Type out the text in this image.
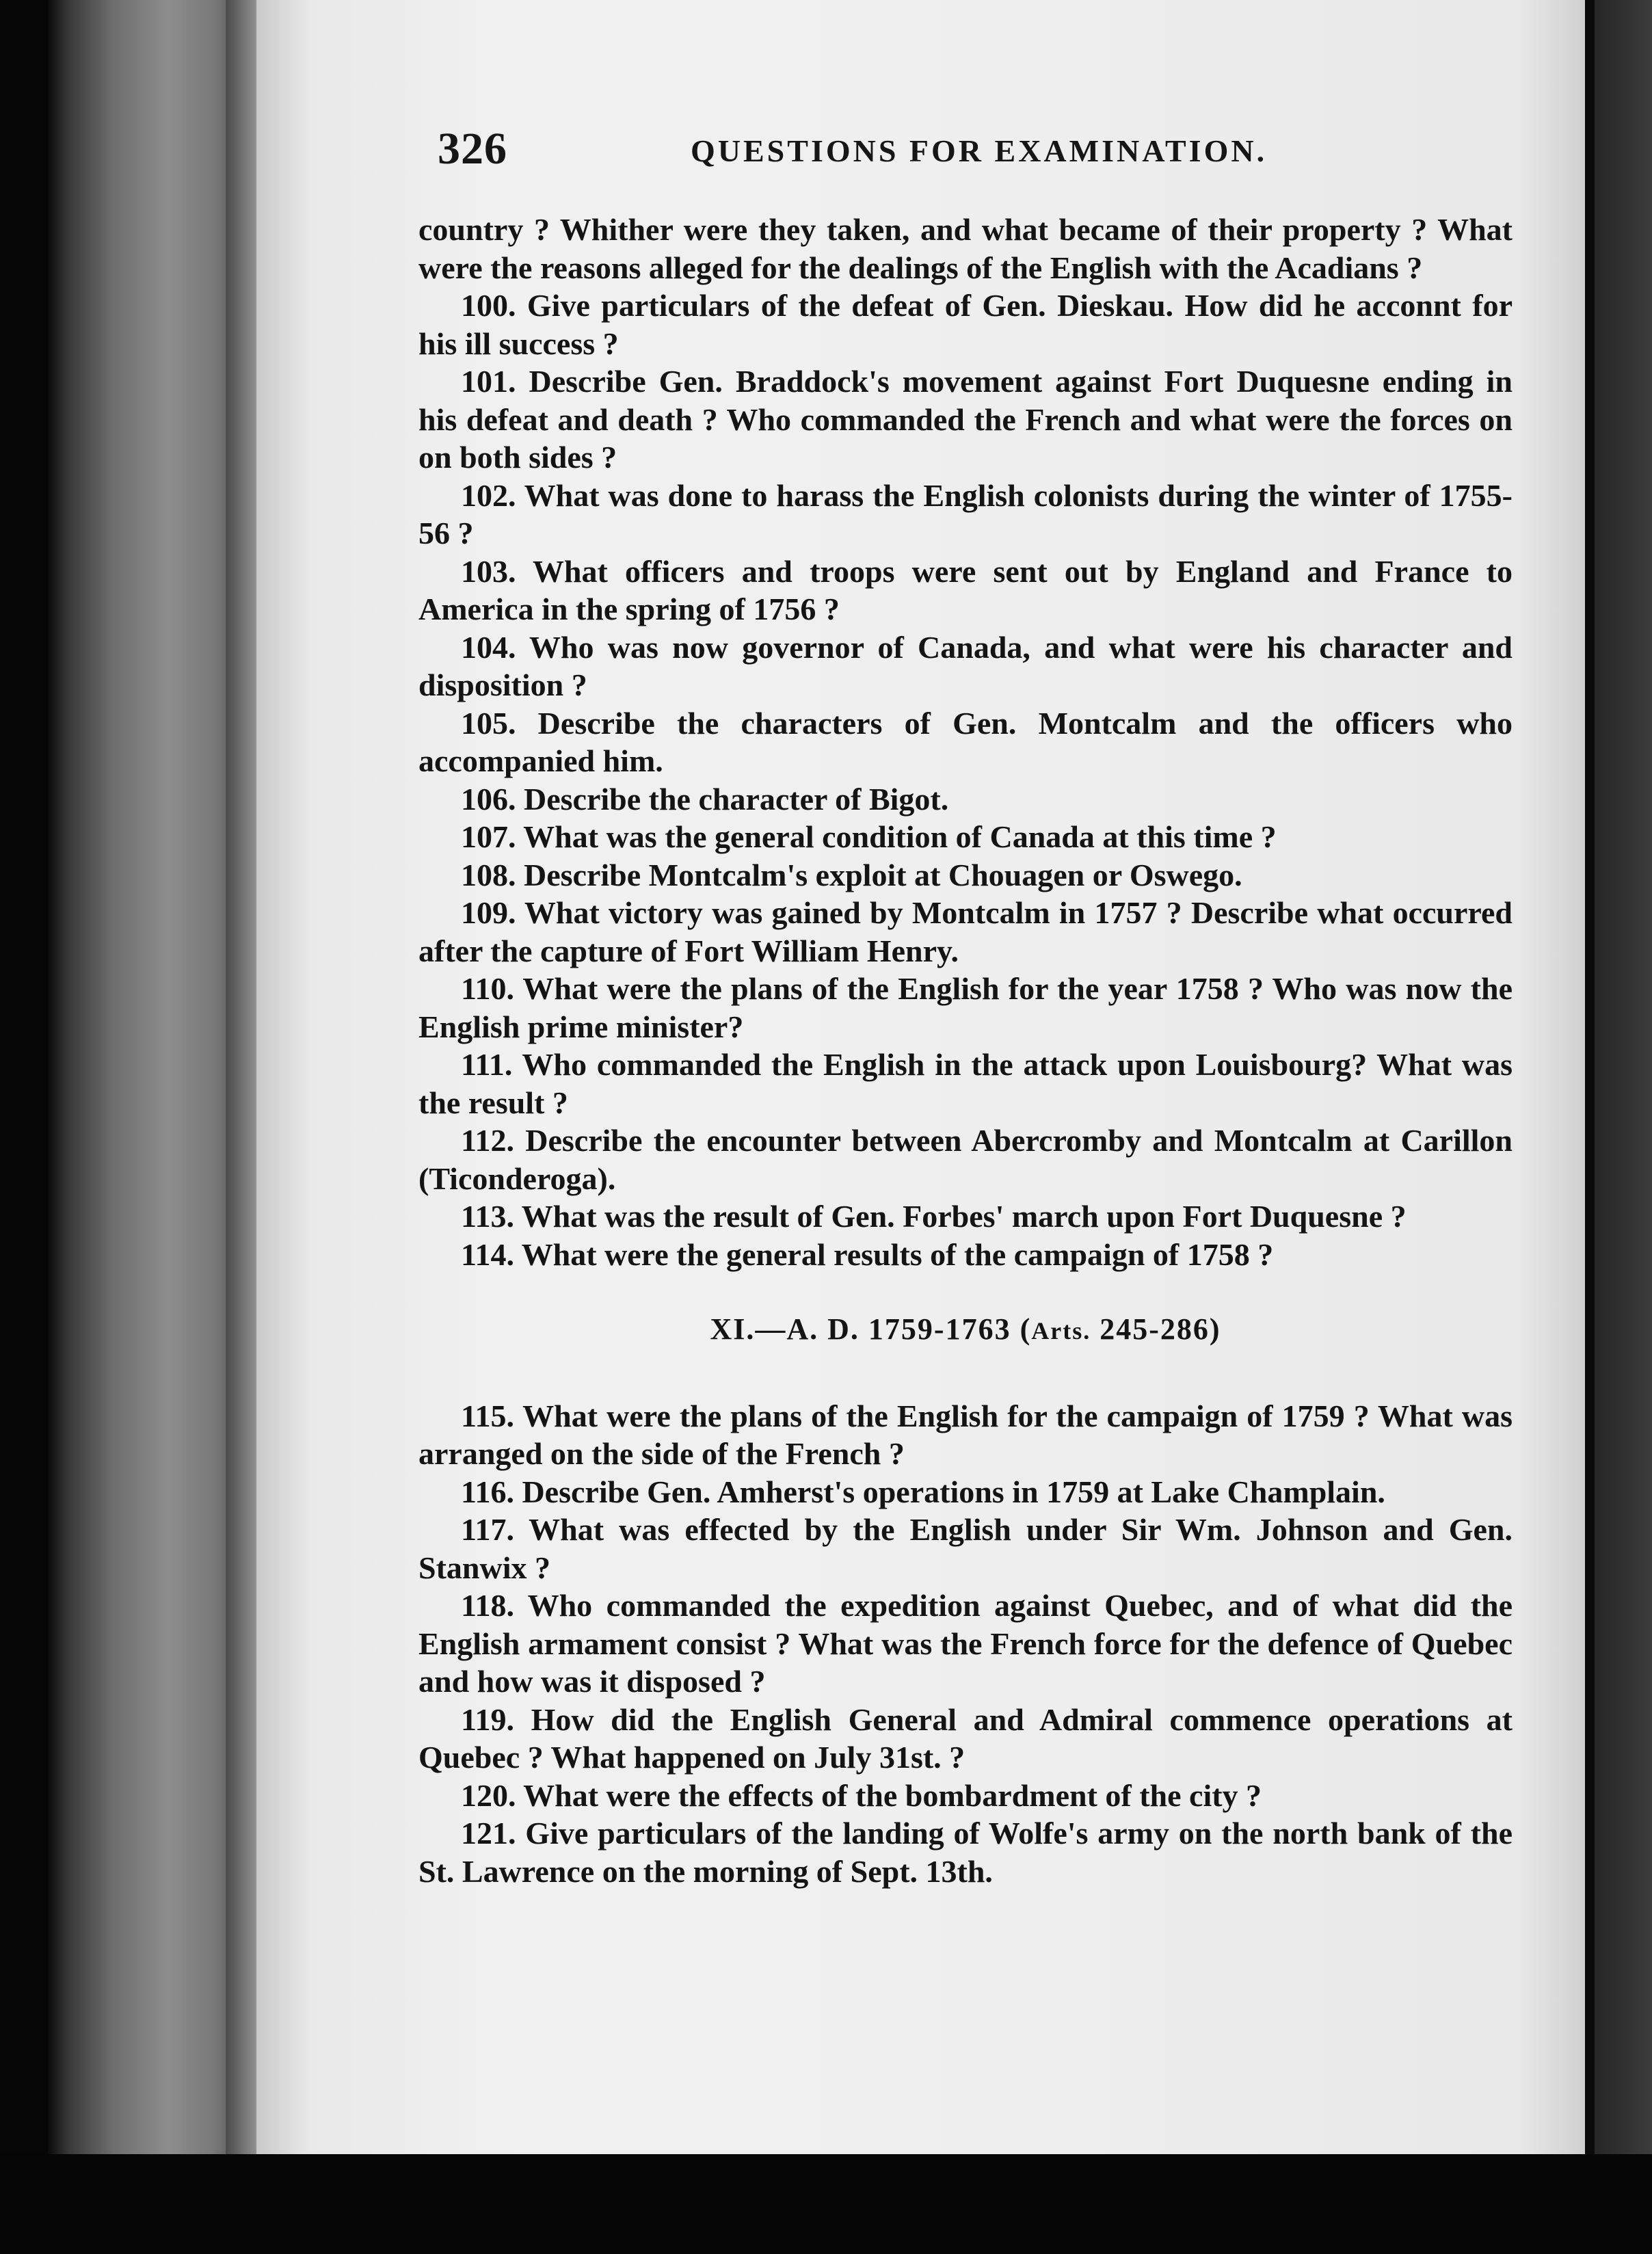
326	QUESTIONS FOR EXAMINATION.

country ? Whither were they taken, and what became of their property ? What were the reasons alleged for the dealings of the English with the Acadians ?

100. Give particulars of the defeat of Gen. Dieskau. How did he acconnt for his ill success ?

101. Describe Gen. Braddock's movement against Fort Duquesne ending in his defeat and death ? Who commanded the French and what were the forces on on both sides ?

102. What was done to harass the English colonists during the winter of 1755-56 ?

103. What officers and troops were sent out by England and France to America in the spring of 1756 ?

104. Who was now governor of Canada, and what were his character and disposition ?

105. Describe the characters of Gen. Montcalm and the officers who accompanied him.

106. Describe the character of Bigot.

107. What was the general condition of Canada at this time ?

108. Describe Montcalm's exploit at Chouagen or Oswego.

109. What victory was gained by Montcalm in 1757 ? Describe what occurred after the capture of Fort William Henry.

110. What were the plans of the English for the year 1758 ? Who was now the English prime minister?

111. Who commanded the English in the attack upon Louisbourg? What was the result ?

112. Describe the encounter between Abercromby and Montcalm at Carillon (Ticonderoga).

113. What was the result of Gen. Forbes' march upon Fort Duquesne ?

114. What were the general results of the campaign of 1758 ?

XI.—A. D. 1759-1763 (Arts. 245-286)

115. What were the plans of the English for the campaign of 1759 ? What was arranged on the side of the French ?

116. Describe Gen. Amherst's operations in 1759 at Lake Champlain.

117. What was effected by the English under Sir Wm. Johnson and Gen. Stanwix ?

118. Who commanded the expedition against Quebec, and of what did the English armament consist ? What was the French force for the defence of Quebec and how was it disposed ?

119. How did the English General and Admiral commence operations at Quebec ? What happened on July 31st. ?

120. What were the effects of the bombardment of the city ?

121. Give particulars of the landing of Wolfe's army on the north bank of the St. Lawrence on the morning of Sept. 13th.
